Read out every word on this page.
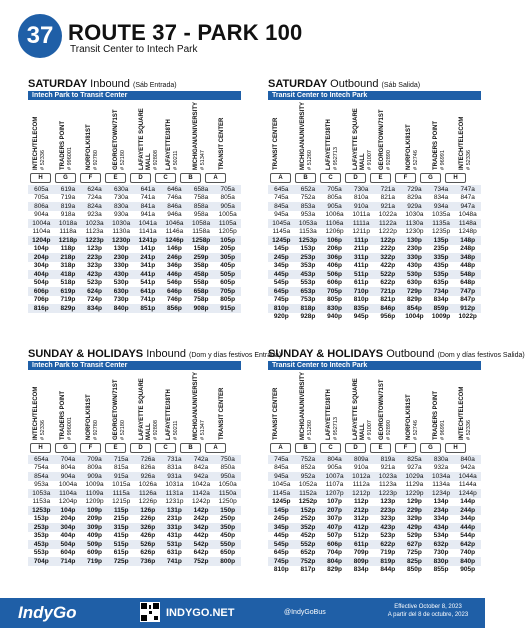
37 ROUTE 37 - PARK 100
Transit Center to Intech Park
SATURDAY Inbound (Sáb Entrada)
Intech Park to Transit Center
INTECH/TELECOM # 52336 TRADERS POINT # 996001 NORFOLK/81ST # 92780 GEORGETOWN/71ST # 52180 LAFAYETTE SQUARE MALL # 92808 LAFAYETTE/38TH # 50211 MICHIGAN/UNIVERSITY # 51347 TRANSIT CENTER
H	G	F	E	D	C	B	A
605a	619a	624a	630a	641a	646a	658a	705a
705a	719a	724a	730a	741a	746a	758a	805a
806a	819a	824a	830a	841a	846a	858a	905a
904a	918a	923a	930a	941a	946a	958a	1005a
1004a	1018a	1023a	1030a	1041a	1046a	1058a	1105a
1104a	1118a	1123a	1130a	1141a	1146a	1158a	1205p
1204p	1218p	1223p	1230p	1241p	1246p	1258p	105p
104p	118p	123p	130p	141p	146p	158p	205p
204p	218p	223p	230p	241p	246p	259p	305p
304p	318p	323p	330p	341p	346p	358p	405p
404p	418p	423p	430p	441p	446p	458p	505p
504p	518p	523p	530p	541p	546p	558p	605p
606p	619p	624p	630p	641p	646p	658p	705p
706p	719p	724p	730p	741p	746p	758p	805p
816p	829p	834p	840p	851p	856p	908p	915p
SATURDAY Outbound (Sáb Salida)
Transit Center to Intech Park
TRANSIT CENTER	MICHIGAN/UNIVERSITY # 51260 LAFAYETTE/38TH # 952713 LAFAYETTE SQUARE MALL # 91007 GEORGETOWN/71ST # 92890 NORFOLK/81ST # 52746 TRADERS POINT # 96991 INTECH/TELECOM # 52336
A	B	C	D	E	F	G	H
645a	652a	705a	730a	721a	729a	734a	747a
745a	752a	805a	810a	821a	829a	834a	847a
845a	853a	905a	910a	921a	929a	934a	947a
945a	953a	1006a	1011a	1022a	1030a	1035a	1048a
1045a	1053a	1106a	1111a	1122a	1130a	1135a	1148a
1145a	1153a	1206p	1211p	1222p	1230p	1235p	1248p
1245p	1253p	106p	111p	122p	130p	135p	148p
145p	153p	206p	211p	222p	230p	235p	248p
245p	253p	306p	311p	322p	330p	335p	348p
345p	353p	406p	411p	422p	430p	435p	448p
445p	453p	506p	511p	522p	530p	535p	548p
545p	553p	606p	611p	622p	630p	635p	648p
645p	653p	705p	710p	721p	729p	734p	747p
745p	753p	805p	810p	821p	829p	834p	847p
810p	818p	830p	835p	846p	854p	859p	912p
920p	928p	940p	945p	956p	1004p	1009p	1022p
SUNDAY & HOLIDAYS Inbound (Dom y días festivos Entrada)
Intech Park to Transit Center
INTECH/TELECOM # 52336 TRADERS POINT # 996001 NORFOLK/81ST # 92780 GEORGETOWN/71ST # 52180 LAFAYETTE SQUARE MALL # 92808 LAFAYETTE/38TH # 50211 MICHIGAN/UNIVERSITY # 51347 TRANSIT CENTER
H	G	F	E	D	C	B	A
654a	704a	709a	715a	726a	731a	742a	750a
754a	804a	809a	815a	826a	831a	842a	850a
854a	904a	909a	915a	926a	931a	942a	950a
953a	1004a	1009a	1015a	1026a	1031a	1042a	1050a
1053a	1104a	1109a	1115a	1126a	1131a	1142a	1150a
1153a	1204p	1209p	1215p	1226p	1231p	1242p	1250p
1253p	104p	109p	115p	126p	131p	142p	150p
153p	204p	209p	215p	226p	231p	242p	250p
253p	304p	309p	315p	326p	331p	342p	350p
353p	404p	409p	415p	426p	431p	442p	450p
453p	504p	509p	515p	526p	531p	542p	550p
553p	604p	609p	615p	626p	631p	642p	650p
704p	714p	719p	725p	736p	741p	752p	800p
SUNDAY & HOLIDAYS Outbound (Dom y días festivos Salida)
Transit Center to Intech Park
TRANSIT CENTER	MICHIGAN/UNIVERSITY # 51260 LAFAYETTE/38TH # 952713 LAFAYETTE SQUARE MALL # 91007 GEORGETOWN/71ST # 92890 NORFOLK/81ST # 52746 TRADERS POINT # 96991 INTECH/TELECOM # 52336
A	B	C	D	E	F	G	H
745a	752a	804a	809a	819a	825a	830a	840a
845a	852a	905a	910a	921a	927a	932a	942a
945a	952a	1007a	1012a	1023a	1029a	1034a	1044a
1045a	1052a	1107a	1112a	1123a	1129a	1134a	1144a
1145a	1152a	1207p	1212p	1223p	1229p	1234p	1244p
1245p	1252p	107p	112p	123p	129p	134p	144p
145p	152p	207p	212p	223p	229p	234p	244p
245p	252p	307p	312p	323p	329p	334p	344p
345p	352p	407p	412p	423p	429p	434p	444p
445p	452p	507p	512p	523p	529p	534p	544p
545p	552p	606p	611p	622p	627p	632p	642p
645p	652p	704p	709p	719p	725p	730p	740p
745p	752p	804p	809p	819p	825p	830p	840p
810p	817p	829p	834p	844p	850p	855p	905p
IndyGo	INDYGO.NET	@IndyGoBus
Effective October 8, 2023
A partir del 8 de octubre, 2023
